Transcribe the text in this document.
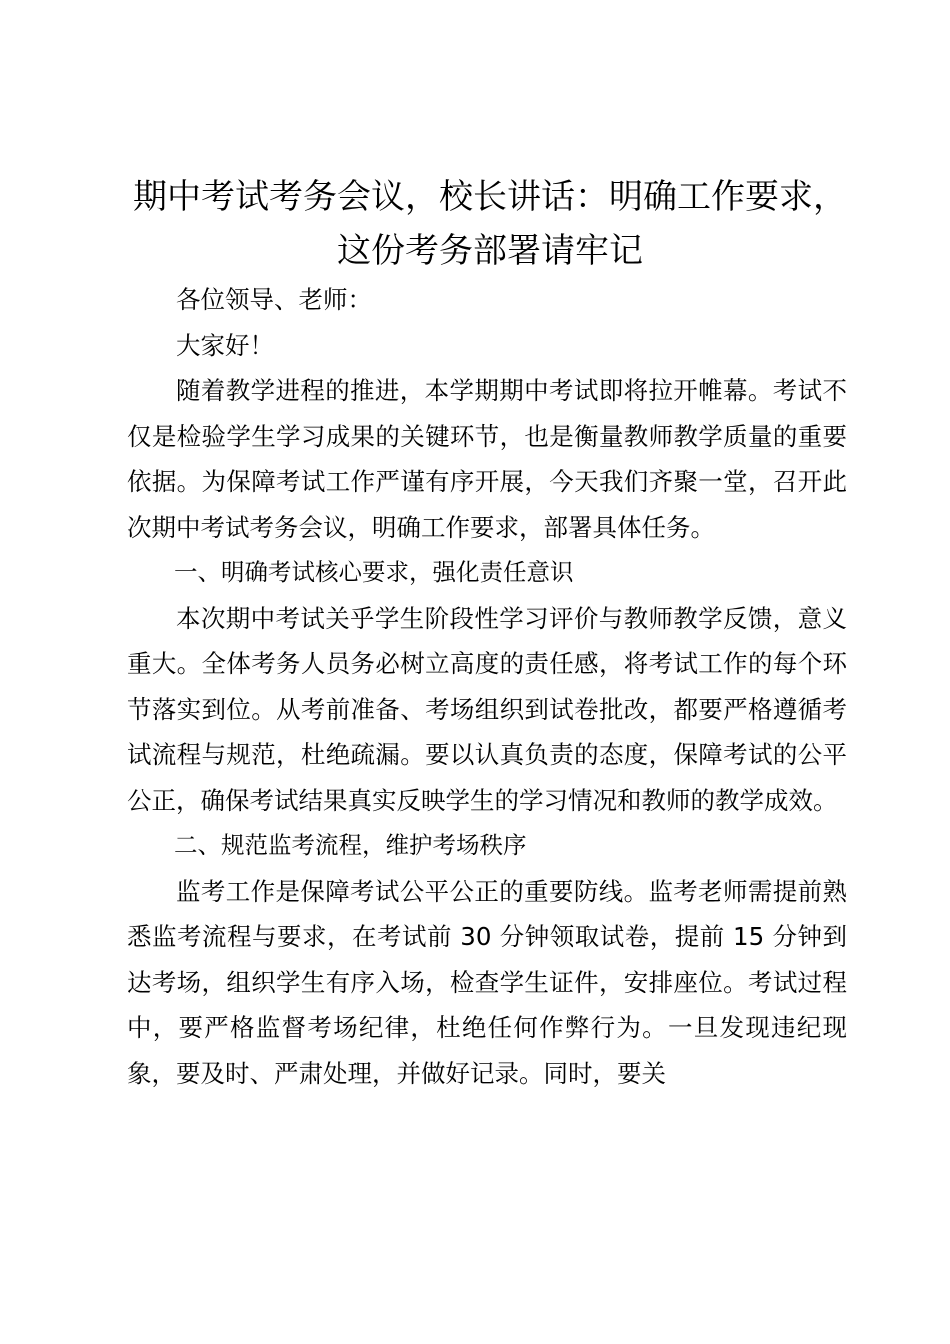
期中考试考务会议，校长讲话：明确工作要求，
这份考务部署请牢记

各位领导、老师：

大家好！

随着教学进程的推进，本学期期中考试即将拉开帷幕。考试不仅是检验学生学习成果的关键环节，也是衡量教师教学质量的重要依据。为保障考试工作严谨有序开展，今天我们齐聚一堂，召开此次期中考试考务会议，明确工作要求，部署具体任务。

一、明确考试核心要求，强化责任意识

本次期中考试关乎学生阶段性学习评价与教师教学反馈，意义重大。全体考务人员务必树立高度的责任感，将考试工作的每个环节落实到位。从考前准备、考场组织到试卷批改，都要严格遵循考试流程与规范，杜绝疏漏。要以认真负责的态度，保障考试的公平公正，确保考试结果真实反映学生的学习情况和教师的教学成效。

二、规范监考流程，维护考场秩序

监考工作是保障考试公平公正的重要防线。监考老师需提前熟悉监考流程与要求，在考试前 30 分钟领取试卷，提前 15 分钟到达考场，组织学生有序入场，检查学生证件，安排座位。考试过程中，要严格监督考场纪律，杜绝任何作弊行为。一旦发现违纪现象，要及时、严肃处理，并做好记录。同时，要关
